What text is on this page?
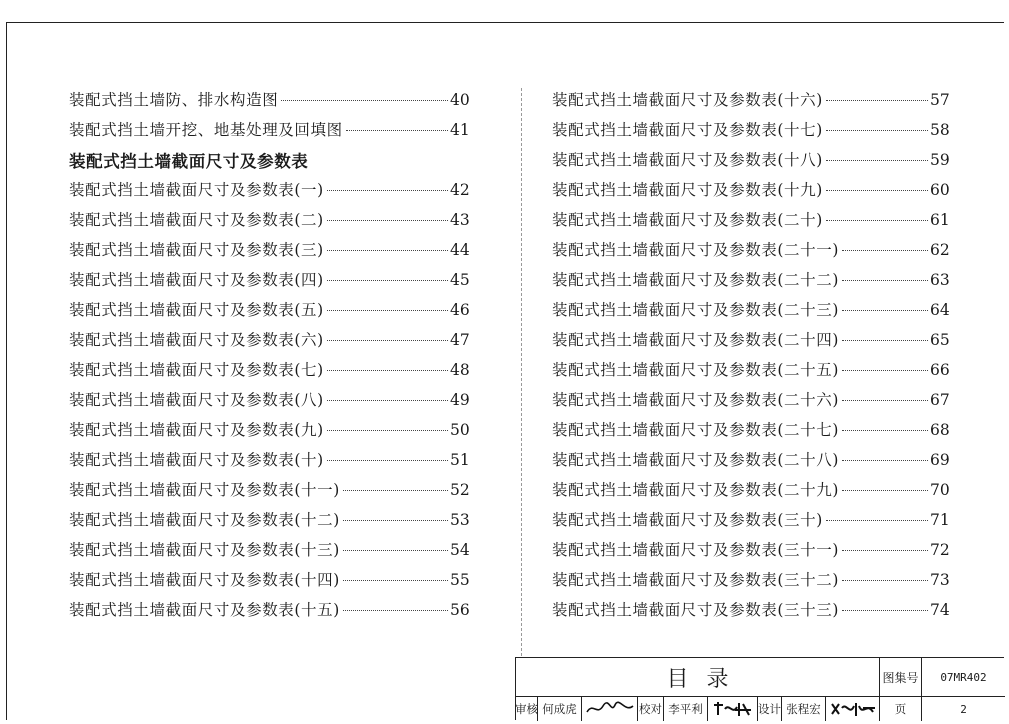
装配式挡土墙防、排水构造图	40
装配式挡土墙开挖、地基处理及回填图	41
装配式挡土墙截面尺寸及参数表
装配式挡土墙截面尺寸及参数表(一)	42
装配式挡土墙截面尺寸及参数表(二)	43
装配式挡土墙截面尺寸及参数表(三)	44
装配式挡土墙截面尺寸及参数表(四)	45
装配式挡土墙截面尺寸及参数表(五)	46
装配式挡土墙截面尺寸及参数表(六)	47
装配式挡土墙截面尺寸及参数表(七)	48
装配式挡土墙截面尺寸及参数表(八)	49
装配式挡土墙截面尺寸及参数表(九)	50
装配式挡土墙截面尺寸及参数表(十)	51
装配式挡土墙截面尺寸及参数表(十一)	52
装配式挡土墙截面尺寸及参数表(十二)	53
装配式挡土墙截面尺寸及参数表(十三)	54
装配式挡土墙截面尺寸及参数表(十四)	55
装配式挡土墙截面尺寸及参数表(十五)	56
装配式挡土墙截面尺寸及参数表(十六)	57
装配式挡土墙截面尺寸及参数表(十七)	58
装配式挡土墙截面尺寸及参数表(十八)	59
装配式挡土墙截面尺寸及参数表(十九)	60
装配式挡土墙截面尺寸及参数表(二十)	61
装配式挡土墙截面尺寸及参数表(二十一)	62
装配式挡土墙截面尺寸及参数表(二十二)	63
装配式挡土墙截面尺寸及参数表(二十三)	64
装配式挡土墙截面尺寸及参数表(二十四)	65
装配式挡土墙截面尺寸及参数表(二十五)	66
装配式挡土墙截面尺寸及参数表(二十六)	67
装配式挡土墙截面尺寸及参数表(二十七)	68
装配式挡土墙截面尺寸及参数表(二十八)	69
装配式挡土墙截面尺寸及参数表(二十九)	70
装配式挡土墙截面尺寸及参数表(三十)	71
装配式挡土墙截面尺寸及参数表(三十一)	72
装配式挡土墙截面尺寸及参数表(三十二)	73
装配式挡土墙截面尺寸及参数表(三十三)	74
目录	图集号	07MR402
审核 何成虎	校对 李平利	设计 张程宏	页	2
